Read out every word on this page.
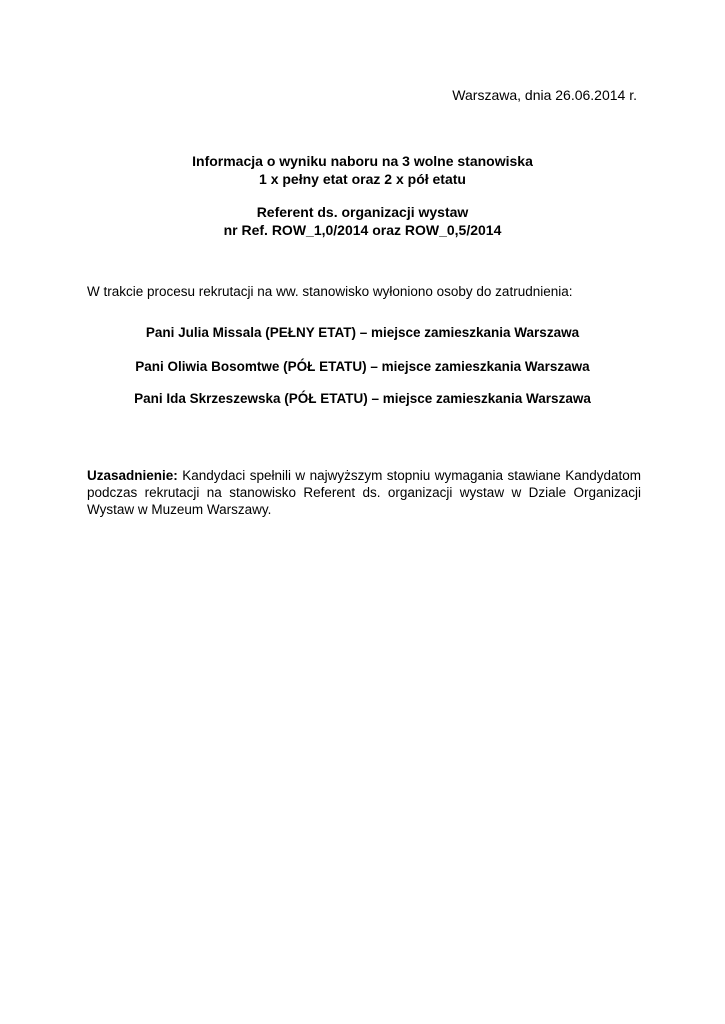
Warszawa, dnia 26.06.2014 r.
Informacja o wyniku naboru na 3 wolne stanowiska
1 x pełny etat oraz 2 x pół etatu
Referent ds. organizacji wystaw
nr Ref. ROW_1,0/2014 oraz ROW_0,5/2014
W trakcie procesu rekrutacji na ww. stanowisko wyłoniono osoby do zatrudnienia:
Pani Julia Missala (PEŁNY ETAT) – miejsce zamieszkania Warszawa
Pani Oliwia Bosomtwe (PÓŁ ETATU) – miejsce zamieszkania Warszawa
Pani Ida Skrzeszewska (PÓŁ ETATU) – miejsce zamieszkania Warszawa
Uzasadnienie: Kandydaci spełnili w najwyższym stopniu wymagania stawiane Kandydatom podczas rekrutacji na stanowisko Referent ds. organizacji wystaw w Dziale Organizacji Wystaw w Muzeum Warszawy.
